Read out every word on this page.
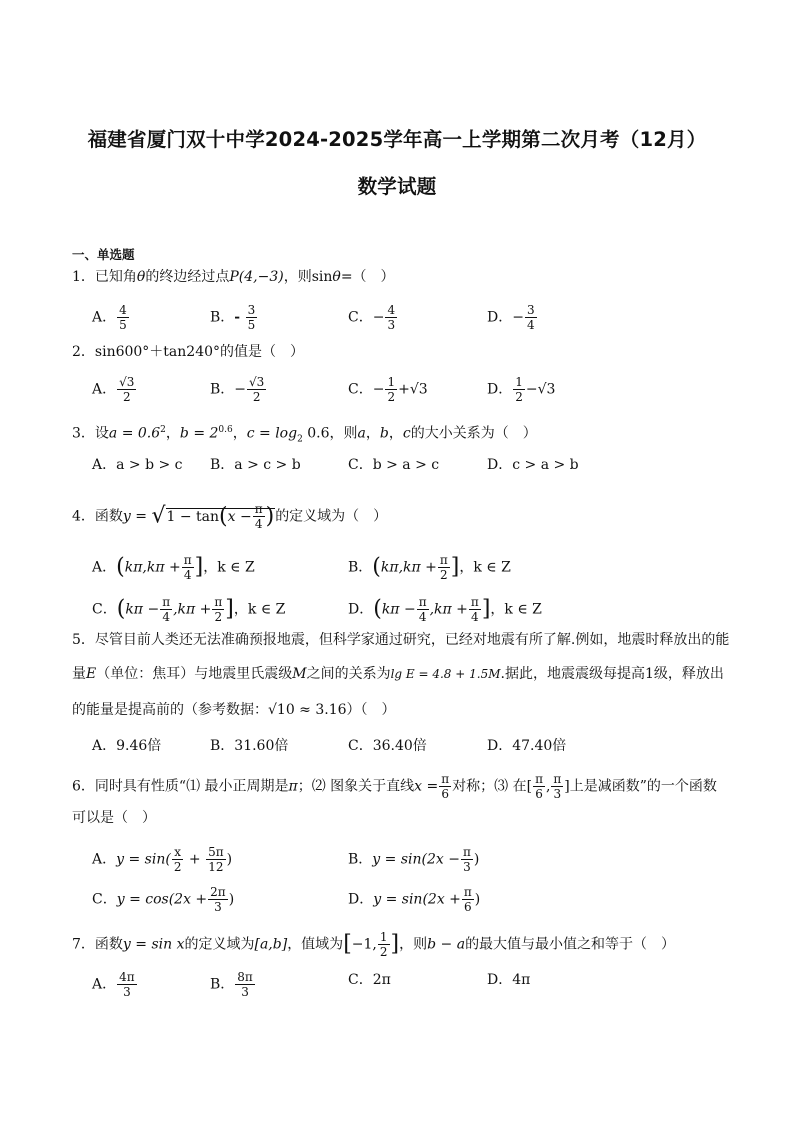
福建省厦门双十中学2024-2025学年高一上学期第二次月考（12月）
数学试题
一、单选题
1．已知角θ的终边经过点P(4,−3)，则sinθ=（　）
A． $\frac{4}{5}$	B．- $\frac{3}{5}$	C．− $\frac{4}{3}$	D．− $\frac{3}{4}$
2．sin600°＋tan240°的值是（　）
A． $\frac{√3}{2}$	B．− $\frac{√3}{2}$	C．− $\frac{1}{2} +√3$	D． $\frac{1}{2} -√3$
3．设$a = 0.6^2$，$b = 2^{0.6}$，$c = \log_2 0.6$，则a，b，c的大小关系为（　）
A．a > b > c B．a > c > b	C．b > a > c	D．c > a > b
4．函数$y = √1 - \tan(x - \frac{\pi}{4}$ )的定义域为（　）
A．($k\pi,k\pi + \frac{\pi}{4}$ ]，k ∈ Z	B．($k\pi,k\pi + \frac{\pi}{2}$ ]，k ∈ Z
C．($k\pi - \frac{\pi}{4} ,k\pi + \frac{\pi}{2}$ ]，k ∈ Z	D．($k\pi - \frac{\pi}{4} ,k\pi + \frac{\pi}{4}$ ]，k ∈ Z
5．尽管目前人类还无法准确预报地震，但科学家通过研究，已经对地震有所了解.例如，地震时释放出的能
量E（单位：焦耳）与地震里氏震级M之间的关系为lg E = 4.8 + 1.5M.据此，地震震级每提高1级，释放出
的能量是提高前的（参考数据：√10 ≈ 3.16）（　）
A．9.46倍	B．31.60倍	C．36.40倍	D．47.40倍
6．同时具有性质“⑴ 最小正周期是π；⑵ 图象关于直线$x = \frac{\pi}{6}$ 对称；⑶ 在[ $\frac{\pi}{6}$ , $\frac{\pi}{3}$ ]上是减函数”的一个函数
可以是（　）
A．$y = \sin( \frac{x}{2} + \frac{5\pi}{12}$ )	B．$y = \sin(2x - \frac{\pi}{3}$ )
C．$y = \cos(2x + \frac{2\pi}{3}$ )	D．$y = \sin(2x + \frac{\pi}{6}$ )
7．函数y = sin x的定义域为[a,b]，值域为[−1, $\frac{1}{2}$ ]，则b − a的最大值与最小值之和等于（　）
A． $\frac{4\pi}{3}$	B． $\frac{8\pi}{3}$	C．2π	D．4π
